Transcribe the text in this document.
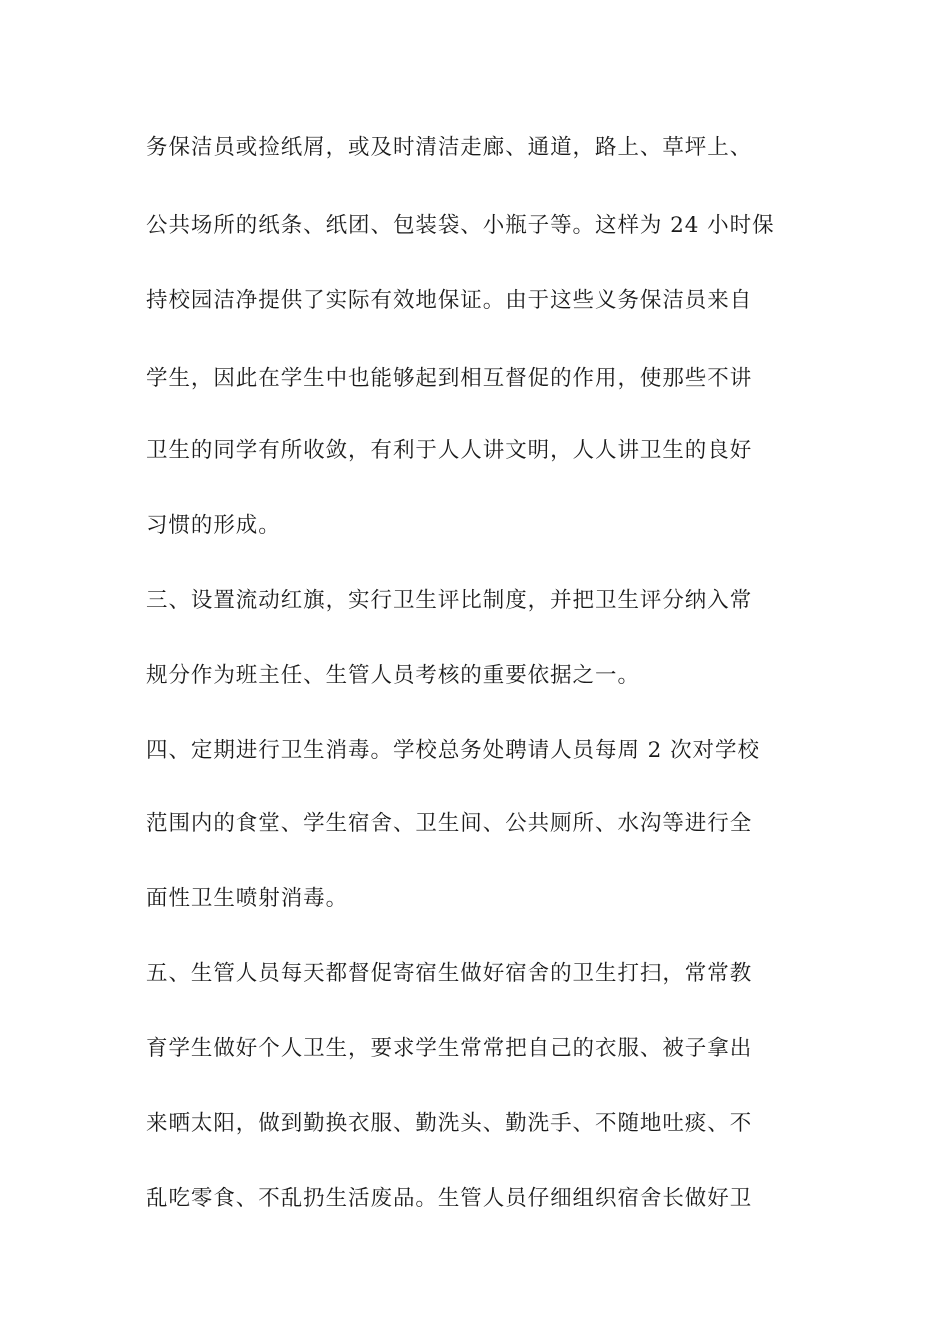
务保洁员或捡纸屑，或及时清洁走廊、通道，路上、草坪上、
公共场所的纸条、纸团、包装袋、小瓶子等。这样为 24 小时保
持校园洁净提供了实际有效地保证。由于这些义务保洁员来自
学生，因此在学生中也能够起到相互督促的作用，使那些不讲
卫生的同学有所收敛，有利于人人讲文明，人人讲卫生的良好
习惯的形成。
三、设置流动红旗，实行卫生评比制度，并把卫生评分纳入常
规分作为班主任、生管人员考核的重要依据之一。
四、定期进行卫生消毒。学校总务处聘请人员每周 2 次对学校
范围内的食堂、学生宿舍、卫生间、公共厕所、水沟等进行全
面性卫生喷射消毒。
五、生管人员每天都督促寄宿生做好宿舍的卫生打扫，常常教
育学生做好个人卫生，要求学生常常把自己的衣服、被子拿出
来晒太阳，做到勤换衣服、勤洗头、勤洗手、不随地吐痰、不
乱吃零食、不乱扔生活废品。生管人员仔细组织宿舍长做好卫
